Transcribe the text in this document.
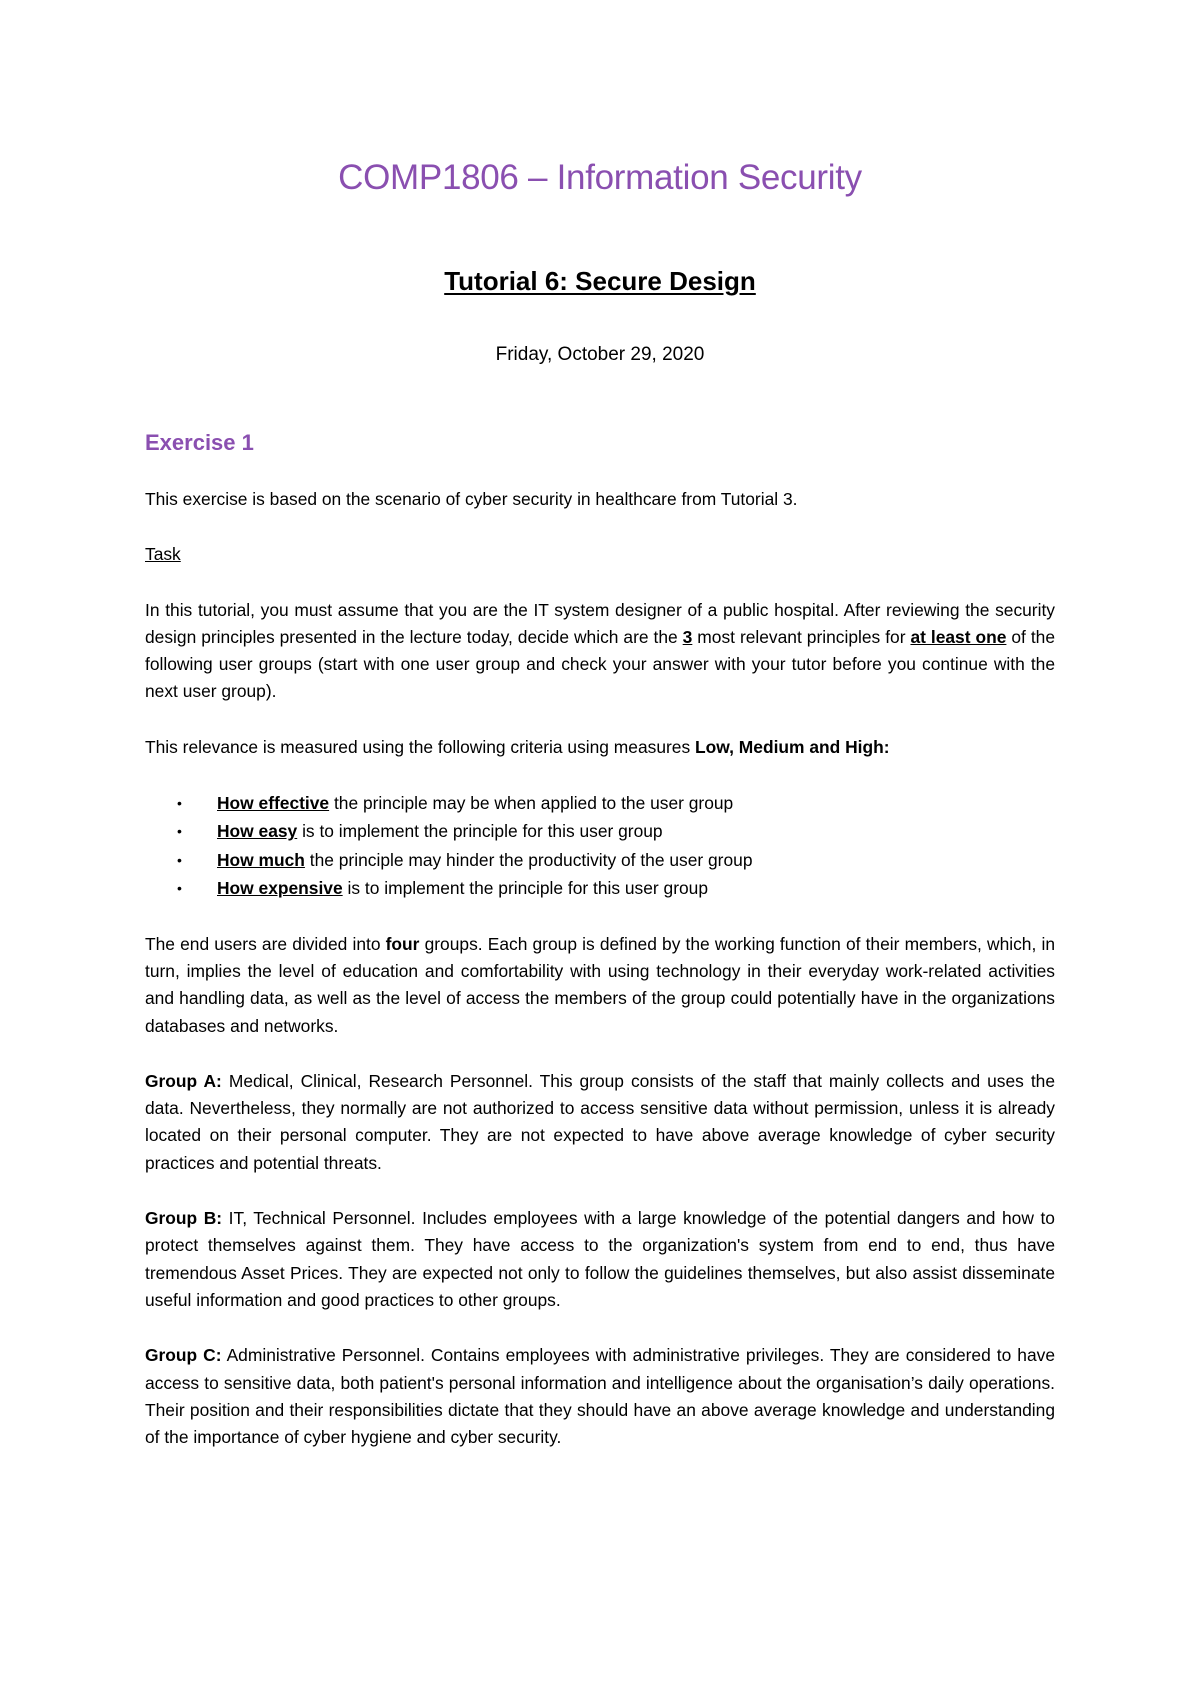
COMP1806 – Information Security
Tutorial 6: Secure Design
Friday, October 29, 2020
Exercise 1

This exercise is based on the scenario of cyber security in healthcare from Tutorial 3.

Task

In this tutorial, you must assume that you are the IT system designer of a public hospital. After reviewing the security design principles presented in the lecture today, decide which are the 3 most relevant principles for at least one of the following user groups (start with one user group and check your answer with your tutor before you continue with the next user group).

This relevance is measured using the following criteria using measures Low, Medium and High:

• How effective the principle may be when applied to the user group
• How easy is to implement the principle for this user group
• How much the principle may hinder the productivity of the user group
• How expensive is to implement the principle for this user group

The end users are divided into four groups. Each group is defined by the working function of their members, which, in turn, implies the level of education and comfortability with using technology in their everyday work-related activities and handling data, as well as the level of access the members of the group could potentially have in the organizations databases and networks.

Group A: Medical, Clinical, Research Personnel. This group consists of the staff that mainly collects and uses the data. Nevertheless, they normally are not authorized to access sensitive data without permission, unless it is already located on their personal computer. They are not expected to have above average knowledge of cyber security practices and potential threats.

Group B: IT, Technical Personnel. Includes employees with a large knowledge of the potential dangers and how to protect themselves against them. They have access to the organization's system from end to end, thus have tremendous Asset Prices. They are expected not only to follow the guidelines themselves, but also assist disseminate useful information and good practices to other groups.

Group C: Administrative Personnel. Contains employees with administrative privileges. They are considered to have access to sensitive data, both patient's personal information and intelligence about the organisation’s daily operations. Their position and their responsibilities dictate that they should have an above average knowledge and understanding of the importance of cyber hygiene and cyber security.
